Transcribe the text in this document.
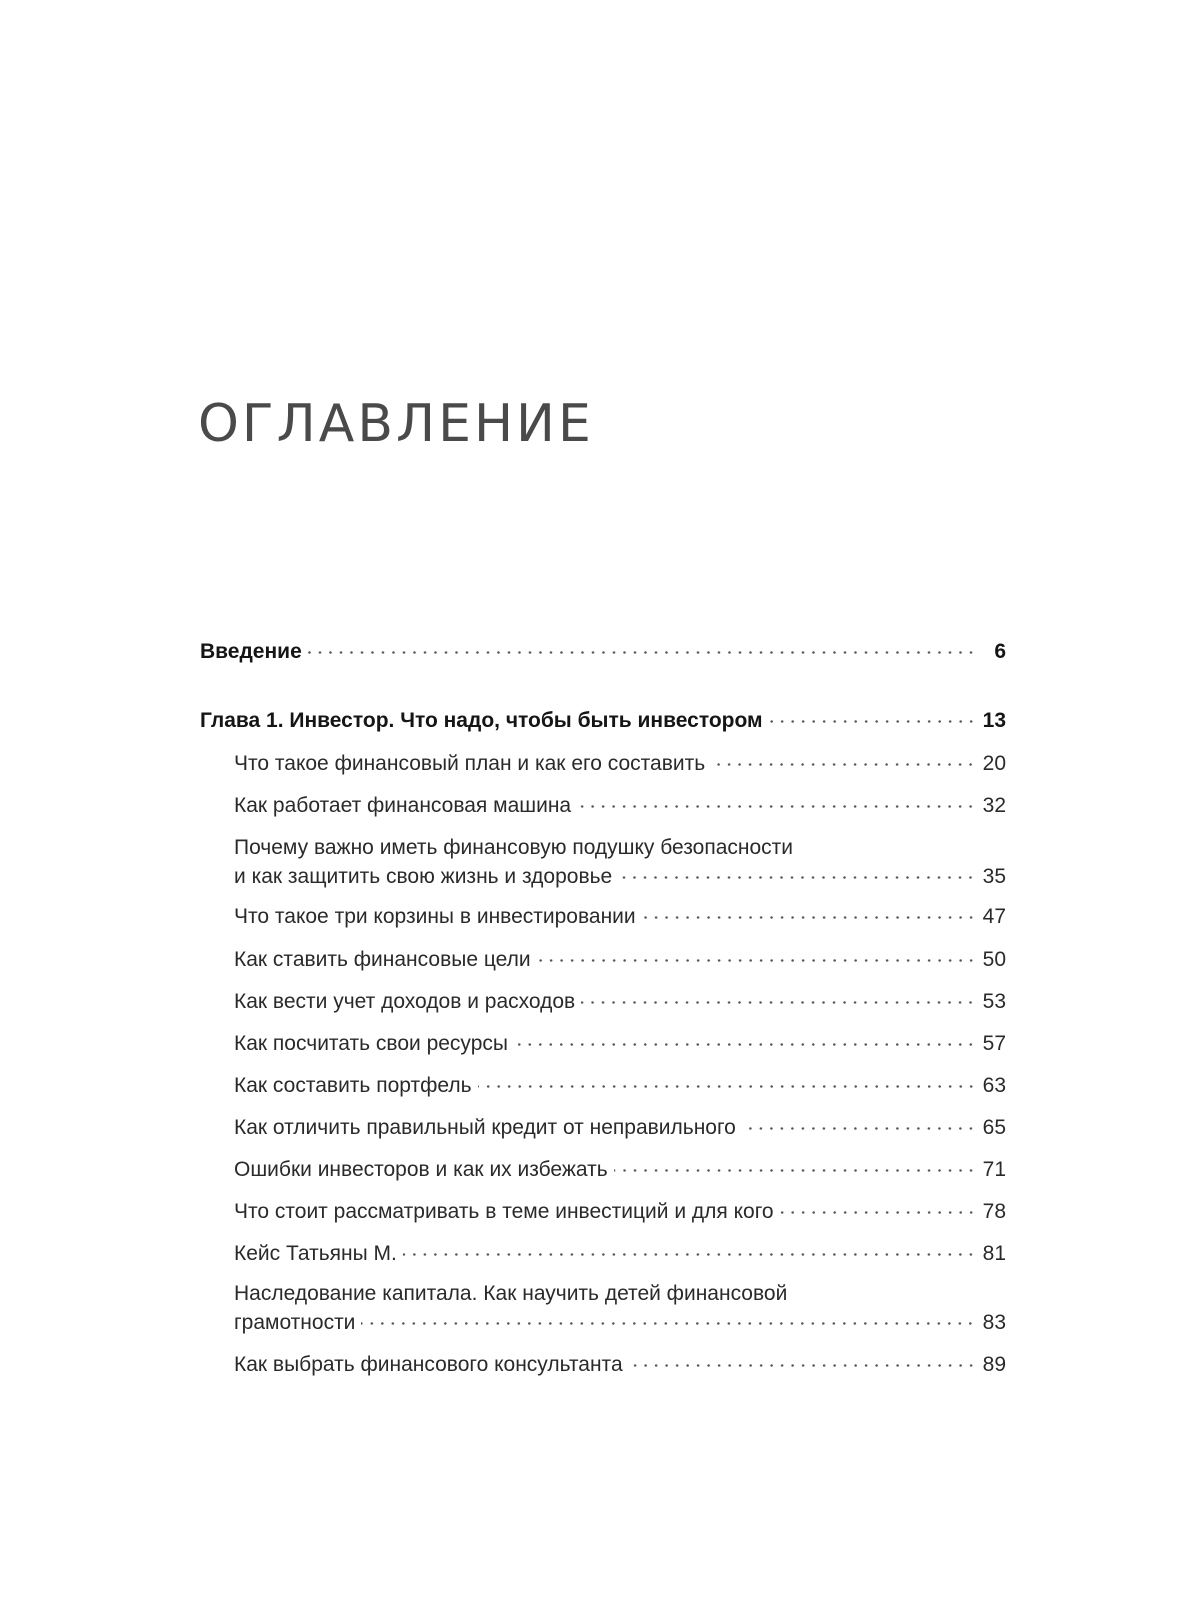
ОГЛАВЛЕНИЕ
Введение	6
Глава 1. Инвестор. Что надо, чтобы быть инвестором	13
Что такое финансовый план и как его составить	20
Как работает финансовая машина	32
Почему важно иметь финансовую подушку безопасности
и как защитить свою жизнь и здоровье	35
Что такое три корзины в инвестировании	47
Как ставить финансовые цели	50
Как вести учет доходов и расходов	53
Как посчитать свои ресурсы	57
Как составить портфель	63
Как отличить правильный кредит от неправильного	65
Ошибки инвесторов и как их избежать	71
Что стоит рассматривать в теме инвестиций и для кого	78
Кейс Татьяны М.	81
Наследование капитала. Как научить детей финансовой
грамотности	83
Как выбрать финансового консультанта	89
